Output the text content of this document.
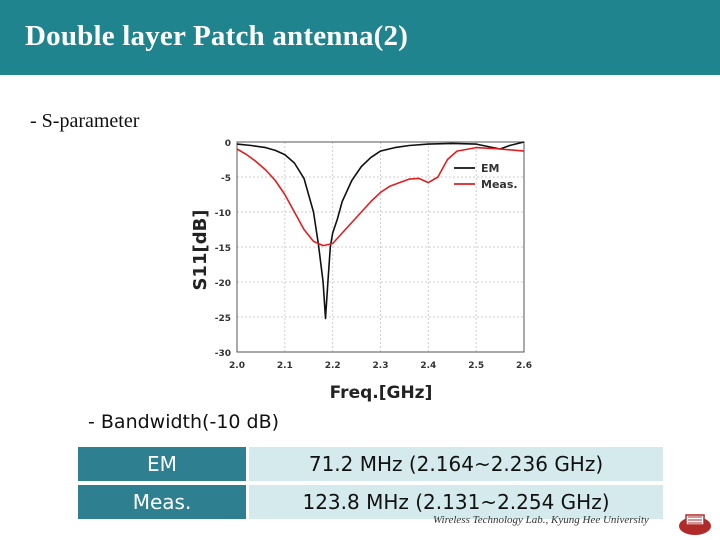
Double layer Patch antenna(2)
- S-parameter
0
-5
-10
-15
-20
-25
-30
2.0	2.1	2.2	2.3	2.4	2.5	2.6
S11[dB]
Freq.[GHz]
EM
Meas.
- Bandwidth(-10 dB)
EM		71.2 MHz (2.164~2.236 GHz)
Meas.		123.8 MHz (2.131~2.254 GHz)
Wireless Technology Lab., Kyung Hee University
